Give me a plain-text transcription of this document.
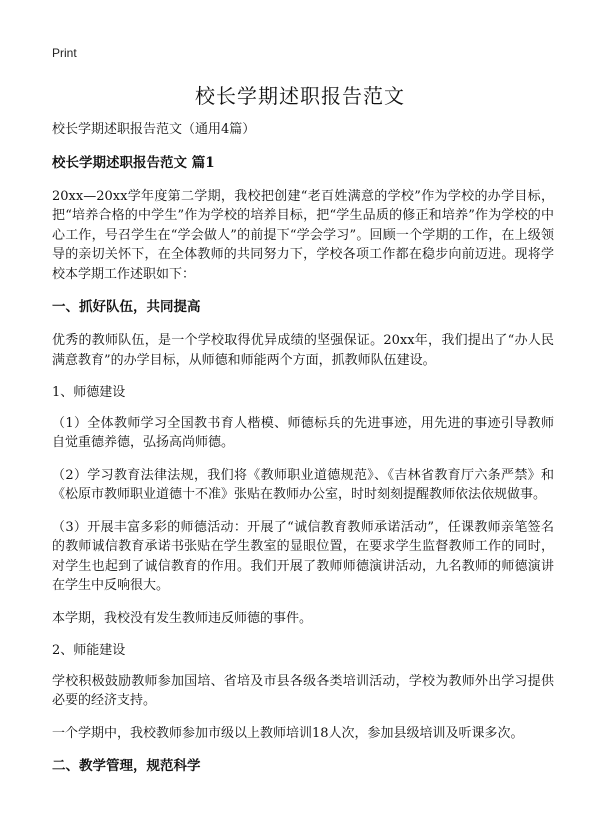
Print
校长学期述职报告范文

校长学期述职报告范文（通用4篇）

校长学期述职报告范文 篇1

20xx—20xx学年度第二学期，我校把创建“老百姓满意的学校”作为学校的办学目标，把“培养合格的中学生”作为学校的培养目标，把“学生品质的修正和培养”作为学校的中心工作，号召学生在“学会做人”的前提下“学会学习”。回顾一个学期的工作，在上级领导的亲切关怀下，在全体教师的共同努力下，学校各项工作都在稳步向前迈进。现将学校本学期工作述职如下：

一、抓好队伍，共同提高

优秀的教师队伍，是一个学校取得优异成绩的坚强保证。20xx年，我们提出了“办人民满意教育”的办学目标，从师德和师能两个方面，抓教师队伍建设。

1、师德建设

（1）全体教师学习全国教书育人楷模、师德标兵的先进事迹，用先进的事迹引导教师自觉重德养德，弘扬高尚师德。

（2）学习教育法律法规，我们将《教师职业道德规范》、《吉林省教育厅六条严禁》和《松原市教师职业道德十不准》张贴在教师办公室，时时刻刻提醒教师依法依规做事。

（3）开展丰富多彩的师德活动：开展了“诚信教育教师承诺活动”，任课教师亲笔签名的教师诚信教育承诺书张贴在学生教室的显眼位置，在要求学生监督教师工作的同时，对学生也起到了诚信教育的作用。我们开展了教师师德演讲活动，九名教师的师德演讲在学生中反响很大。

本学期，我校没有发生教师违反师德的事件。

2、师能建设

学校积极鼓励教师参加国培、省培及市县各级各类培训活动，学校为教师外出学习提供必要的经济支持。

一个学期中，我校教师参加市级以上教师培训18人次，参加县级培训及听课多次。

二、教学管理，规范科学
